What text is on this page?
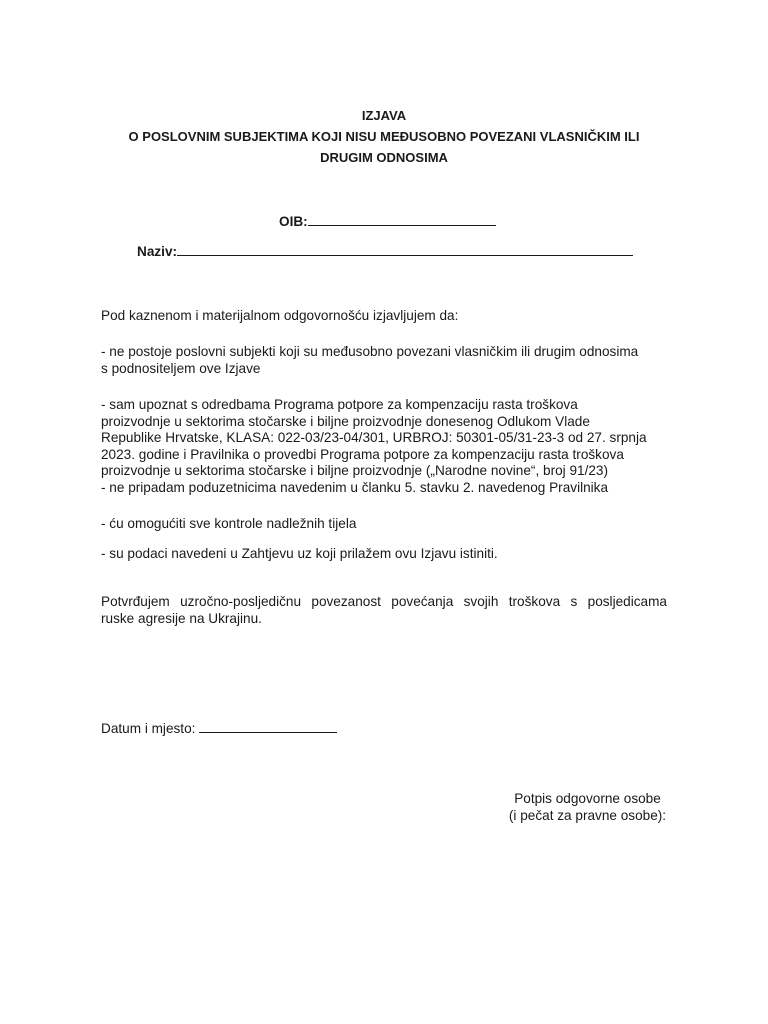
IZJAVA
O POSLOVNIM SUBJEKTIMA KOJI NISU MEĐUSOBNO POVEZANI VLASNIČKIM ILI
DRUGIM ODNOSIMA
OIB:
Naziv:
Pod kaznenom i materijalnom odgovornošću izjavljujem da:
- ne postoje poslovni subjekti koji su međusobno povezani vlasničkim ili drugim odnosima
s podnositeljem ove Izjave
- sam upoznat s odredbama Programa potpore za kompenzaciju rasta troškova
proizvodnje u sektorima stočarske i biljne proizvodnje donesenog Odlukom Vlade
Republike Hrvatske, KLASA: 022-03/23-04/301, URBROJ: 50301-05/31-23-3 od 27. srpnja
2023. godine i Pravilnika o provedbi Programa potpore za kompenzaciju rasta troškova
proizvodnje u sektorima stočarske i biljne proizvodnje („Narodne novine“, broj 91/23)
- ne pripadam poduzetnicima navedenim u članku 5. stavku 2. navedenog Pravilnika
- ću omogućiti sve kontrole nadležnih tijela
- su podaci navedeni u Zahtjevu uz koji prilažem ovu Izjavu istiniti.
Potvrđujem uzročno-posljedičnu povezanost povećanja svojih troškova s posljedicama
ruske agresije na Ukrajinu.
Datum i mjesto:
Potpis odgovorne osobe
(i pečat za pravne osobe):
